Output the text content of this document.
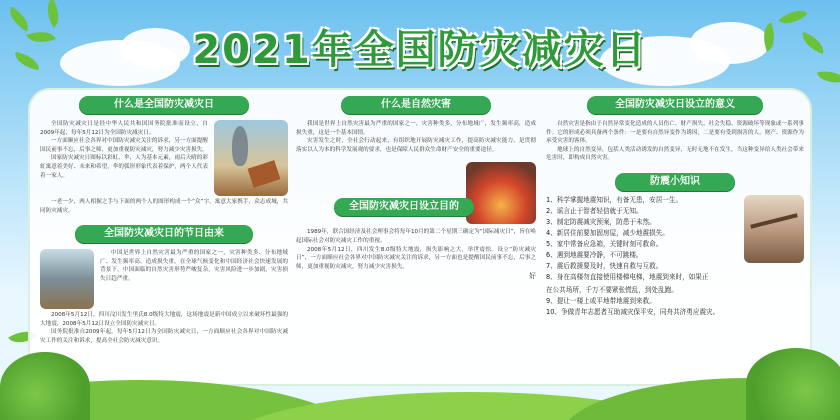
2021年全国防灾减灾日
什么是全国防灾减灾日

全国防灾减灾日是经中华人民共和国国务院批准而设立，自2009年起，每年5月12日为全国防灾减灾日。

一方面顺应社会各界对中国防灾减灾关注的诉求，另一方面提醒国民前事不忘，后事之师，更加重视防灾减灾，努力减少灾害损失。

国家防灾减灾日图标以彩虹、伞、人为基本元素，雨后天晴的彩虹寓意着美好、未来和希望，伞的弧形形象代表着保护，两个人代表着一家人。

一老一少，两人相握之手与下面的两个人的图形构成一个“众”字，寓意大家携手，众志成城，共同防灾减灾。

全国防灾减灾日的节日由来

中国是世界上自然灾害最为严重的国家之一，灾害种类多、分布地域广、发生频率高、造成损失重。在全球气候变化和中国经济社会快速发展的背景下，中国面临的自然灾害形势严峻复杂，灾害风险进一步加剧，灾害损失日趋严重。

2008年5月12日，四川汶川发生里氏8.0级特大地震，这场地震是新中国成立以来破坏性最强的大地震，2008年5月12日设立全国防灾减灾日。

国务院批准自2009年起，每年5月12日为全国防灾减灾日，一方面顺应社会各界对中国防灾减灾工作的关注和诉求，提高全社会防灾减灾意识。

什么是自然灾害

我国是世界上自然灾害最为严重的国家之一，灾害种类多，分布地域广，发生频率高，造成损失重，这是一个基本国情。

灾害发生之时，全社会行动起来，有组织地开展防灾减灾工作，提高防灾减灾能力，是贯彻落实以人为本的科学发展观的要求，也是保障人民群众生命财产安全的重要途径。

全国防灾减灾日设立目的

1989年，联合国经济及社会理事会将每年10月的第二个星期三确定为“国际减灾日”，旨在唤起国际社会对防灾减灾工作的重视。

2008年5月12日，四川发生8.0级特大地震，损失影响之大，举世震惊。设立“防灾减灾日”，一方面顺应社会各界对中国防灾减灾关注的诉求，另一方面也是提醒国民前事不忘，后事之师，更加重视防灾减灾，努力减少灾害损失。

好
全国防灾减灾日设立的意义

自然灾害是指由于自然异常变化造成的人员伤亡、财产损失、社会失稳、资源破坏等现象或一系列事件。它的形成必须具备两个条件：一是要有自然异变作为诱因，二是要有受到损害的人、财产、资源作为承受灾害的客体。

地球上的自然变异，包括人类活动诱发的自然变异，无时无地不在发生，当这种变异给人类社会带来危害时，即构成自然灾害。

防震小知识
1、科学掌握地震知识，有备无患，安居一生。
2、谣言止于智者轻信就于无知。
3、制定防震减灾预案，防患于未然。
4、新居住前要加固房屋，减少地震损失。
5、家中常备应急箱，关键时刻可救命。
6、遇到地震要冷静，不可跳楼。
7、震后救援要及时，快速自救与互救。
8、身在高楼勿直接使用楼梯电梯，地震到来时，如果正
在公共场所，千万不要紧张慌乱，到处乱跑。
9、提让一楼上或平地带地震到来救。
10、争做青年志愿者互助减灾保平安，同舟共济勇应震灾。
